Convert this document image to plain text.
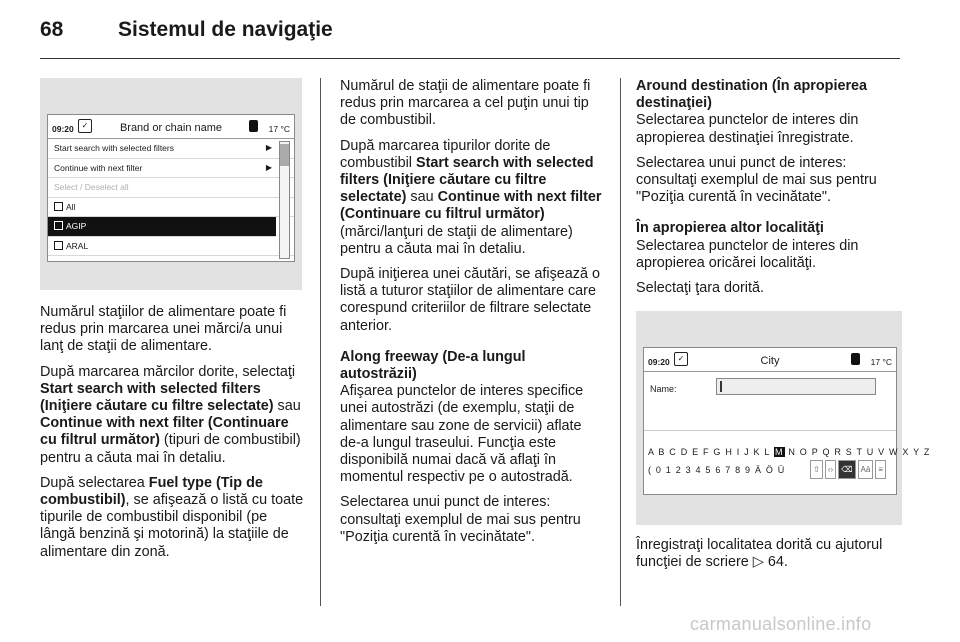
68	Sistemul de navigaţie
09:20 ✓	Brand or chain name	17 °C
Start search with selected filters	▶
Continue with next filter	▶
Select / Deselect all
All
AGIP
ARAL

Numărul staţiilor de alimentare poate fi redus prin marcarea unei mărci/a unui lanţ de staţii de alimentare.

După marcarea mărcilor dorite, selectaţi Start search with selected filters (Iniţiere căutare cu filtre selectate) sau Continue with next filter (Continuare cu filtrul următor) (tipuri de combustibil) pentru a căuta mai în detaliu.

După selectarea Fuel type (Tip de combustibil), se afişează o listă cu toate tipurile de combustibil disponibil (pe lângă benzină şi motorină) la staţiile de alimentare din zonă.

Numărul de staţii de alimentare poate fi redus prin marcarea a cel puţin unui tip de combustibil.

După marcarea tipurilor dorite de combustibil Start search with selected filters (Iniţiere căutare cu filtre selectate) sau Continue with next filter (Continuare cu filtrul următor) (mărci/lanţuri de staţii de alimentare) pentru a căuta mai în detaliu.

După iniţierea unei căutări, se afişează o listă a tuturor staţiilor de alimentare care corespund criteriilor de filtrare selectate anterior.

Along freeway (De-a lungul autostrăzii)

Afişarea punctelor de interes specifice unei autostrăzi (de exemplu, staţii de alimentare sau zone de servicii) aflate de-a lungul traseului. Funcţia este disponibilă numai dacă vă aflaţi în momentul respectiv pe o autostradă.

Selectarea unui punct de interes: consultaţi exemplul de mai sus pentru "Poziţia curentă în vecinătate".

Around destination (În apropierea destinaţiei)

Selectarea punctelor de interes din apropierea destinaţiei înregistrate.

Selectarea unui punct de interes: consultaţi exemplul de mai sus pentru "Poziţia curentă în vecinătate".

În apropierea altor localităţi

Selectarea punctelor de interes din apropierea oricărei localităţi.

Selectaţi ţara dorită.

09:20 ✓	City	17 °C
Name:
A B C D E F G H I J K L M N O P Q R S T U V W X Y Z
( 0 1 2 3 4 5 6 7 8 9 Ä Ö Ü	⇧ ‹› ⌫ Aä ≡

Înregistraţi localitatea dorită cu ajutorul funcţiei de scriere ▷ 64.

carmanualsonline.info
